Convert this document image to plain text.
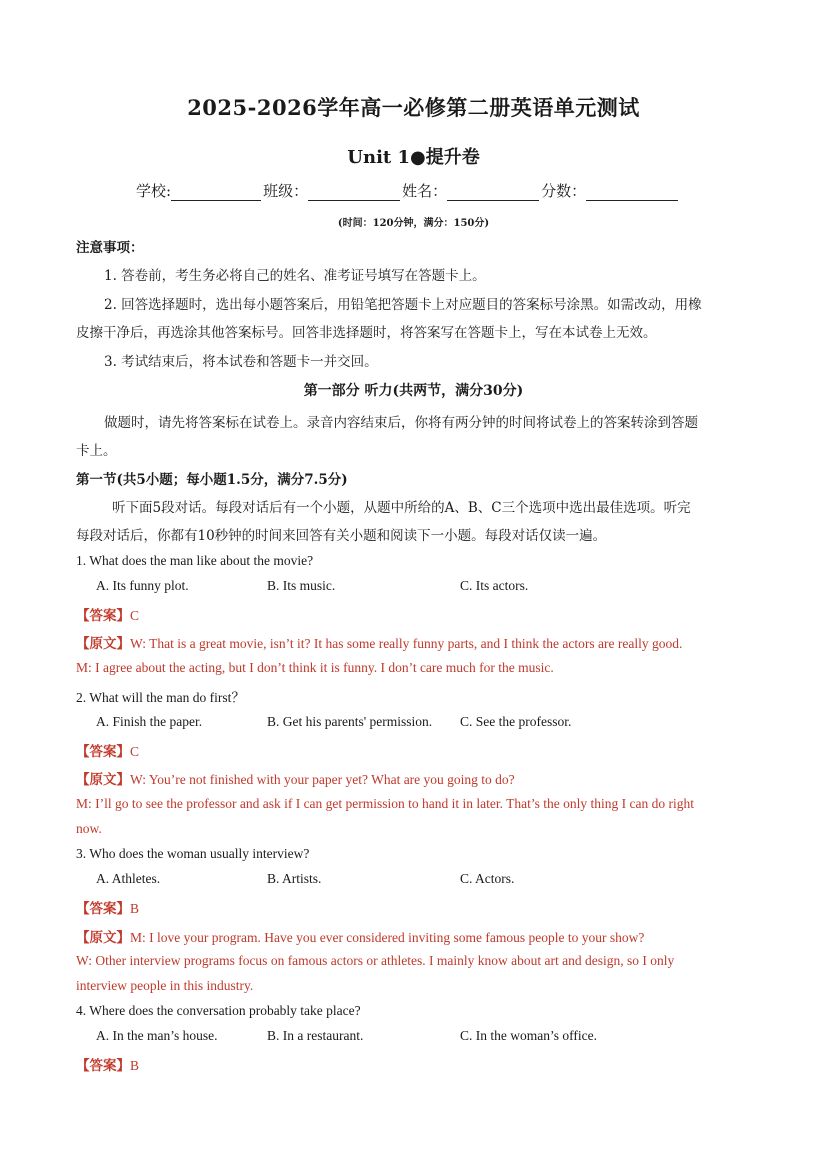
2025-2026学年高一必修第二册英语单元测试
Unit 1●提升卷
学校:	班级：	姓名：	分数：
(时间：120分钟，满分：150分)
注意事项：
1. 答卷前，考生务必将自己的姓名、准考证号填写在答题卡上。
2. 回答选择题时，选出每小题答案后，用铅笔把答题卡上对应题目的答案标号涂黑。如需改动，用橡
皮擦干净后，再选涂其他答案标号。回答非选择题时，将答案写在答题卡上，写在本试卷上无效。
3. 考试结束后，将本试卷和答题卡一并交回。
第一部分 听力(共两节，满分30分)
做题时，请先将答案标在试卷上。录音内容结束后，你将有两分钟的时间将试卷上的答案转涂到答题
卡上。
第一节(共5小题；每小题1.5分，满分7.5分)
听下面5段对话。每段对话后有一个小题，从题中所给的A、B、C三个选项中选出最佳选项。听完
每段对话后，你都有10秒钟的时间来回答有关小题和阅读下一小题。每段对话仅读一遍。
1. What does the man like about the movie?
A. Its funny plot.	B. Its music.	C. Its actors.
【答案】C
【原文】W: That is a great movie, isn’t it? It has some really funny parts, and I think the actors are really good.
M: I agree about the acting, but I don’t think it is funny. I don’t care much for the music.
2. What will the man do first？
A. Finish the paper.	B. Get his parents' permission. C. See the professor.
【答案】C
【原文】W: You’re not finished with your paper yet? What are you going to do?
M: I’ll go to see the professor and ask if I can get permission to hand it in later. That’s the only thing I can do right
now.
3. Who does the woman usually interview?
A. Athletes.	B. Artists.	C. Actors.
【答案】B
【原文】M: I love your program. Have you ever considered inviting some famous people to your show?
W: Other interview programs focus on famous actors or athletes. I mainly know about art and design, so I only
interview people in this industry.
4. Where does the conversation probably take place?
A. In the man’s house.	B. In a restaurant.	C. In the woman’s office.
【答案】B
